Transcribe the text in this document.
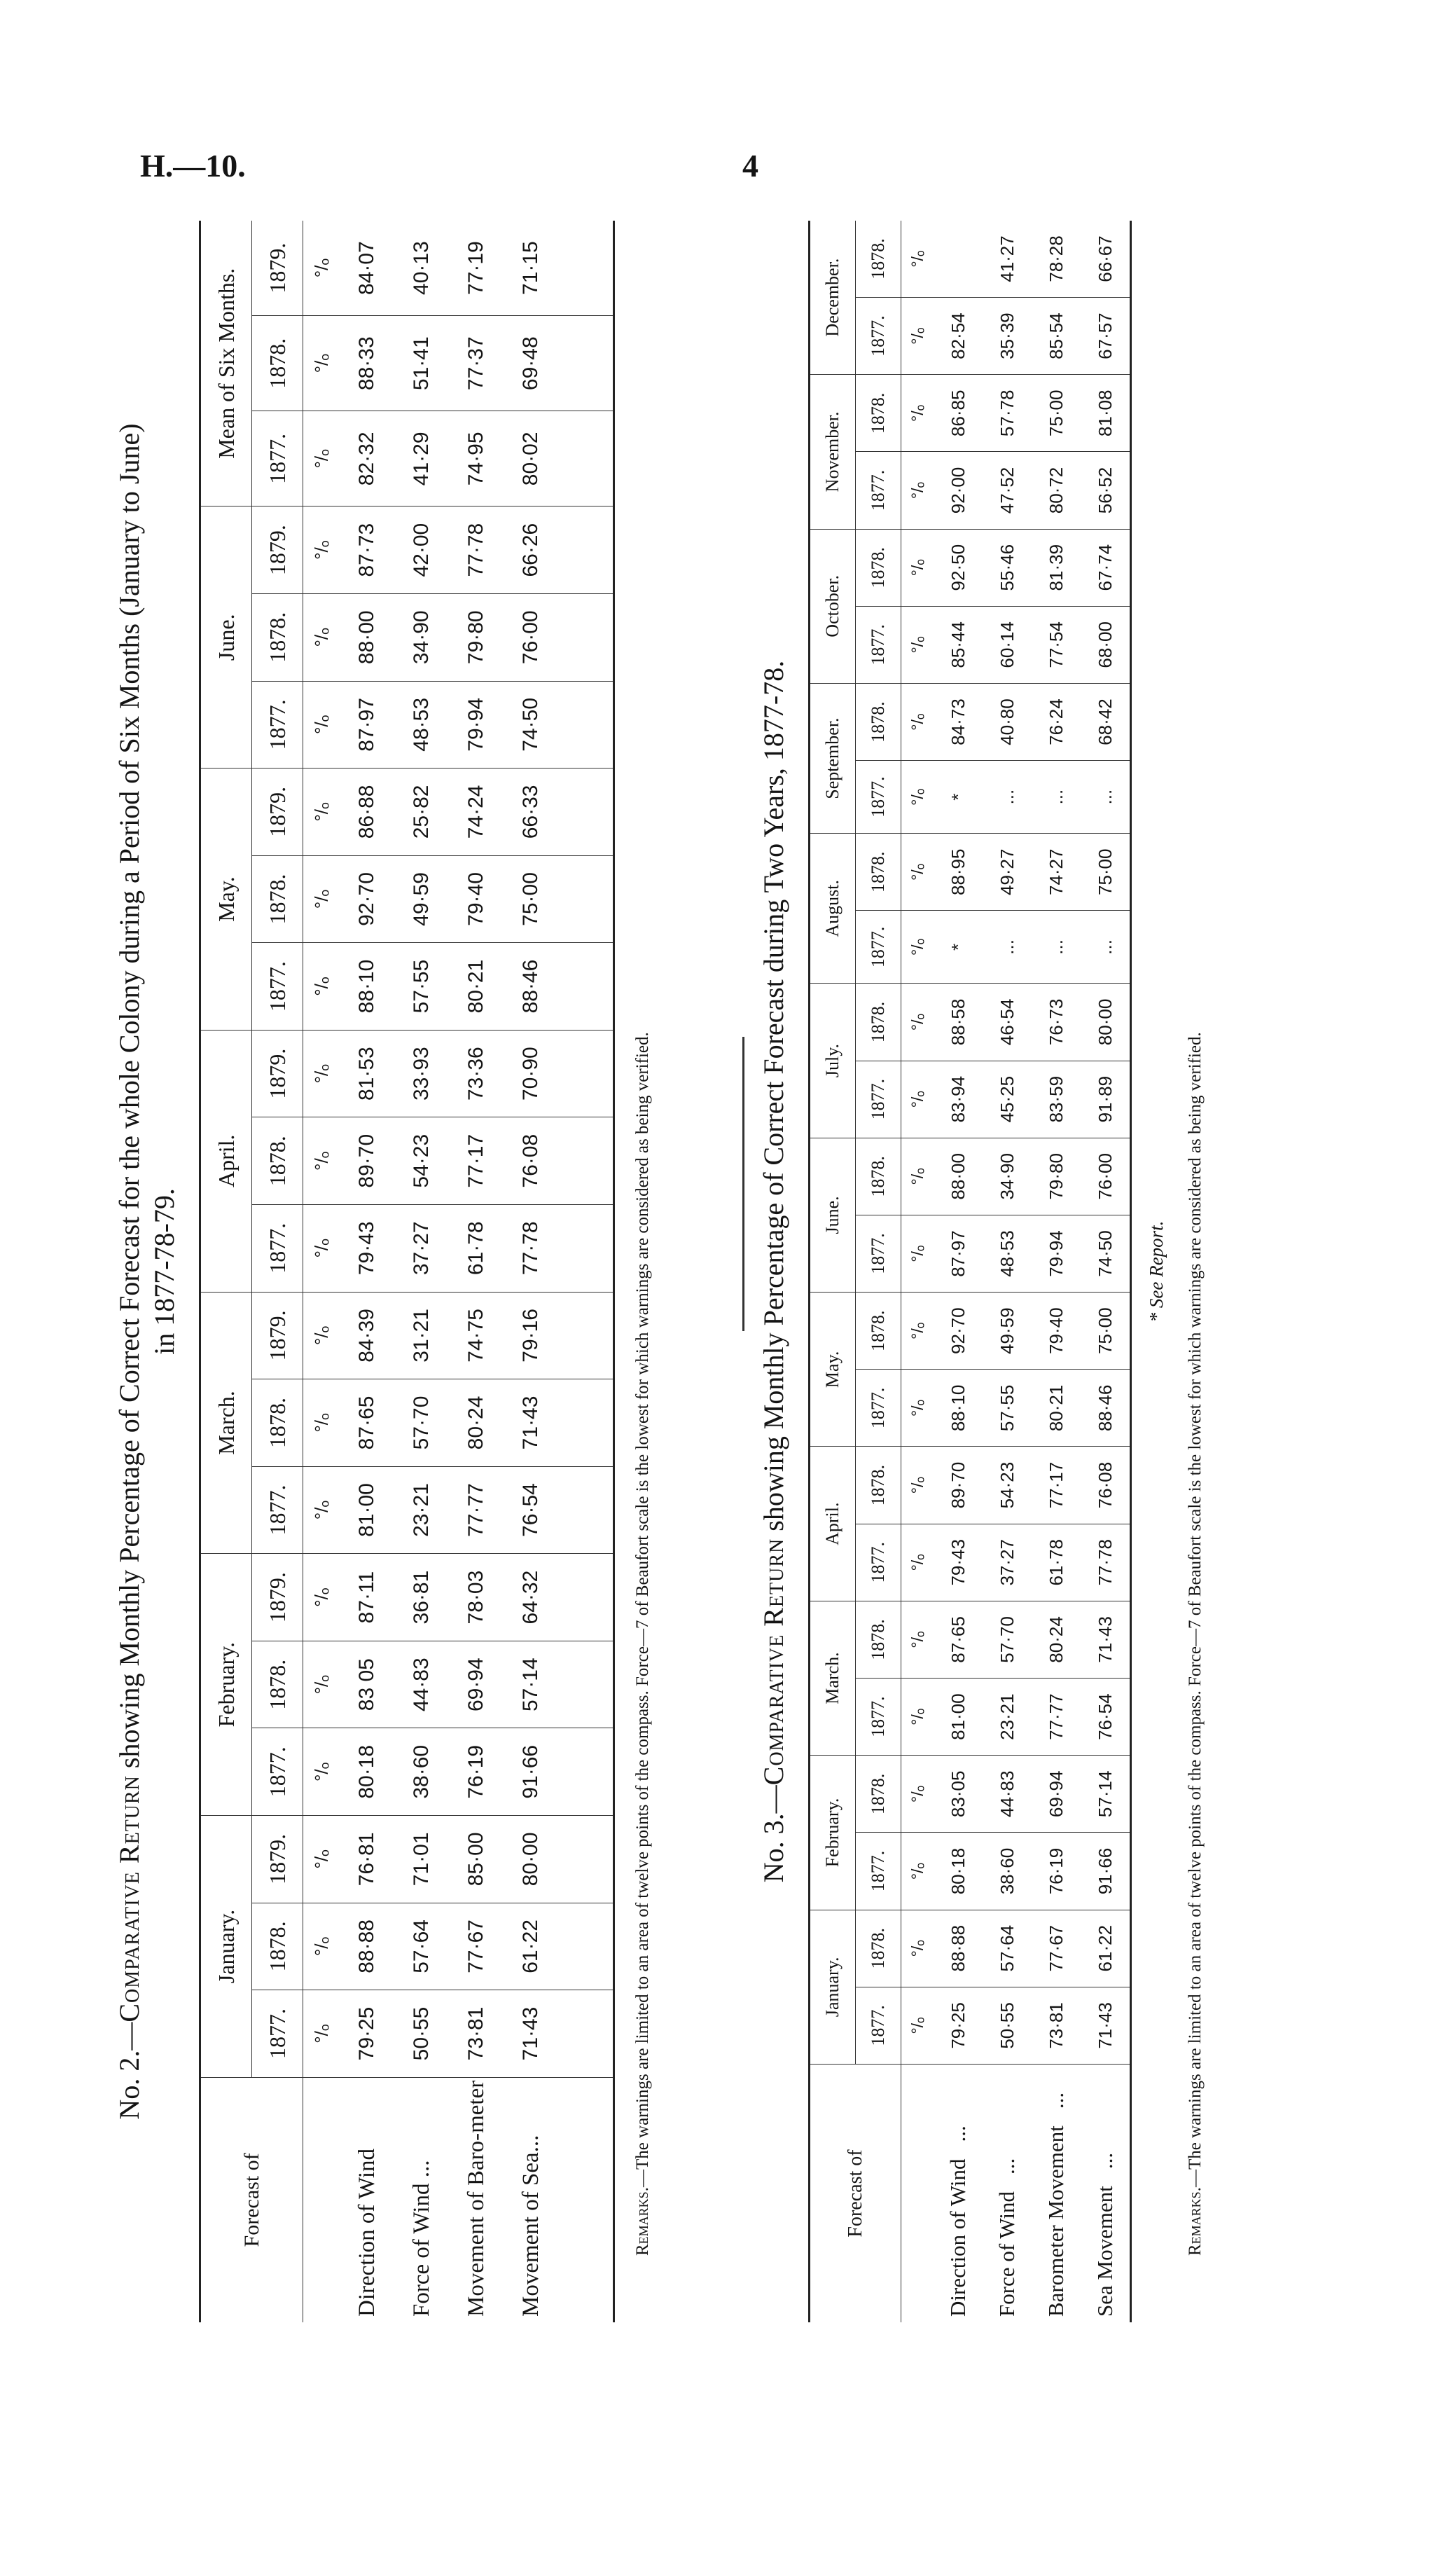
H.—10.	4
No. 2.—Comparative Return showing Monthly Percentage of Correct Forecast for the whole Colony during a Period of Six Months (January to June) in 1877-78-79.
Forecast of	January.			February.			March.			April.			May.			June.			Mean of Six Months.		
	1877.	1878.	1879.	1877.	1878.	1879.	1877.	1878.	1879.	1877.	1878.	1879.	1877.	1878.	1879.	1877.	1878.	1879.	1877.	1878.	1879.
	°/ₒ	°/ₒ	°/ₒ	°/ₒ	°/ₒ	°/ₒ	°/ₒ	°/ₒ	°/ₒ	°/ₒ	°/ₒ	°/ₒ	°/ₒ	°/ₒ	°/ₒ	°/ₒ	°/ₒ	°/ₒ	°/ₒ	°/ₒ	°/ₒ
Direction of Wind	79·25	88·88	76·81	80·18	83 05	87·11	81·00	87·65	84·39	79·43	89·70	81·53	88·10	92·70	86·88	87·97	88·00	87·73	82·32	88·33	84·07
Force of Wind ...	50·55	57·64	71·01	38·60	44·83	36·81	23·21	57·70	31·21	37·27	54·23	33·93	57·55	49·59	25·82	48·53	34·90	42·00	41·29	51·41	40·13
Movement of Baro-meter	73·81	77·67	85·00	76·19	69·94	78·03	77·77	80·24	74·75	61·78	77·17	73·36	80·21	79·40	74·24	79·94	79·80	77·78	74·95	77·37	77·19
Movement of Sea...	71·43	61·22	80·00	91·66	57·14	64·32	76·54	71·43	79·16	77·78	76·08	70·90	88·46	75·00	66·33	74·50	76·00	66·26	80·02	69·48	71·15

Remarks.—The warnings are limited to an area of twelve points of the compass. Force—7 of Beaufort scale is the lowest for which warnings are considered as being verified.	No. 3.—Comparative Return showing Monthly Percentage of Correct Forecast during Two Years, 1877-78.
Forecast of	January.		February.		March.		April.		May.		June.		July.		August.		September.		October.		November.		December.	
	1877.	1878.	1877.	1878.	1877.	1878.	1877.	1878.	1877.	1878.	1877.	1878.	1877.	1878.	1877.	1878.	1877.	1878.	1877.	1878.	1877.	1878.	1877.	1878.
	°/ₒ	°/ₒ	°/ₒ	°/ₒ	°/ₒ	°/ₒ	°/ₒ	°/ₒ	°/ₒ	°/ₒ	°/ₒ	°/ₒ	°/ₒ	°/ₒ	°/ₒ	°/ₒ	°/ₒ	°/ₒ	°/ₒ	°/ₒ	°/ₒ	°/ₒ	°/ₒ	°/ₒ
Direction of Wind...	79·25	88·88	80·18	83·05	81·00	87·65	79·43	89·70	88·10	92·70	87·97	88·00	83·94	88·58	*	88·95	*	84·73	85·44	92·50	92·00	86·85	82·54	
Force of Wind...	50·55	57·64	38·60	44·83	23·21	57·70	37·27	54·23	57·55	49·59	48·53	34·90	45·25	46·54	...	49·27	...	40·80	60·14	55·46	47·52	57·78	35·39	41·27
Barometer Movement...	73·81	77·67	76·19	69·94	77·77	80·24	61·78	77·17	80·21	79·40	79·94	79·80	83·59	76·73	...	74·27	...	76·24	77·54	81·39	80·72	75·00	85·54	78·28
Sea Movement...	71·43	61·22	91·66	57·14	76·54	71·43	77·78	76·08	88·46	75·00	74·50	76·00	91·89	80·00	...	75·00	...	68·42	68·00	67·74	56·52	81·08	67·57	66·67
* See Report.
Remarks.—The warnings are limited to an area of twelve points of the compass. Force—7 of Beaufort scale is the lowest for which warnings are considered as being verified.
